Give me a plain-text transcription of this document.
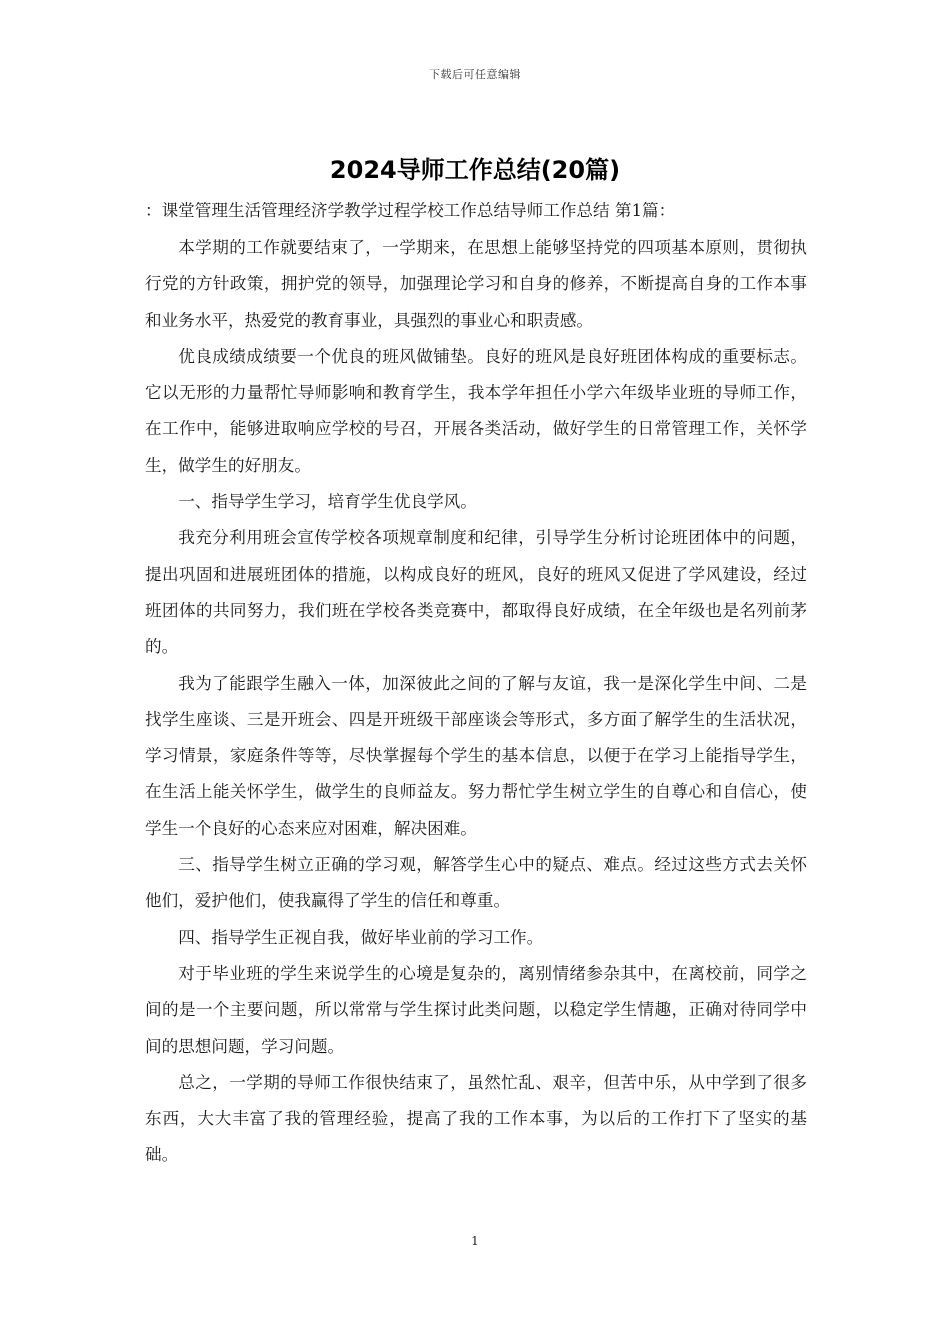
下载后可任意编辑
2024导师工作总结(20篇)

：课堂管理生活管理经济学教学过程学校工作总结导师工作总结 第1篇：

本学期的工作就要结束了，一学期来，在思想上能够坚持党的四项基本原则，贯彻执行党的方针政策，拥护党的领导，加强理论学习和自身的修养，不断提高自身的工作本事和业务水平，热爱党的教育事业，具强烈的事业心和职责感。

优良成绩成绩要一个优良的班风做铺垫。良好的班风是良好班团体构成的重要标志。它以无形的力量帮忙导师影响和教育学生，我本学年担任小学六年级毕业班的导师工作，在工作中，能够进取响应学校的号召，开展各类活动，做好学生的日常管理工作，关怀学生，做学生的好朋友。

一、指导学生学习，培育学生优良学风。

我充分利用班会宣传学校各项规章制度和纪律，引导学生分析讨论班团体中的问题，提出巩固和进展班团体的措施，以构成良好的班风，良好的班风又促进了学风建设，经过班团体的共同努力，我们班在学校各类竞赛中，都取得良好成绩，在全年级也是名列前茅的。

我为了能跟学生融入一体，加深彼此之间的了解与友谊，我一是深化学生中间、二是找学生座谈、三是开班会、四是开班级干部座谈会等形式，多方面了解学生的生活状况，学习情景，家庭条件等等，尽快掌握每个学生的基本信息，以便于在学习上能指导学生，在生活上能关怀学生，做学生的良师益友。努力帮忙学生树立学生的自尊心和自信心，使学生一个良好的心态来应对困难，解决困难。

三、指导学生树立正确的学习观，解答学生心中的疑点、难点。经过这些方式去关怀他们，爱护他们，使我赢得了学生的信任和尊重。

四、指导学生正视自我，做好毕业前的学习工作。

对于毕业班的学生来说学生的心境是复杂的，离别情绪参杂其中，在离校前，同学之间的是一个主要问题，所以常常与学生探讨此类问题，以稳定学生情趣，正确对待同学中间的思想问题，学习问题。

总之，一学期的导师工作很快结束了，虽然忙乱、艰辛，但苦中乐，从中学到了很多东西，大大丰富了我的管理经验，提高了我的工作本事，为以后的工作打下了坚实的基础。

1
